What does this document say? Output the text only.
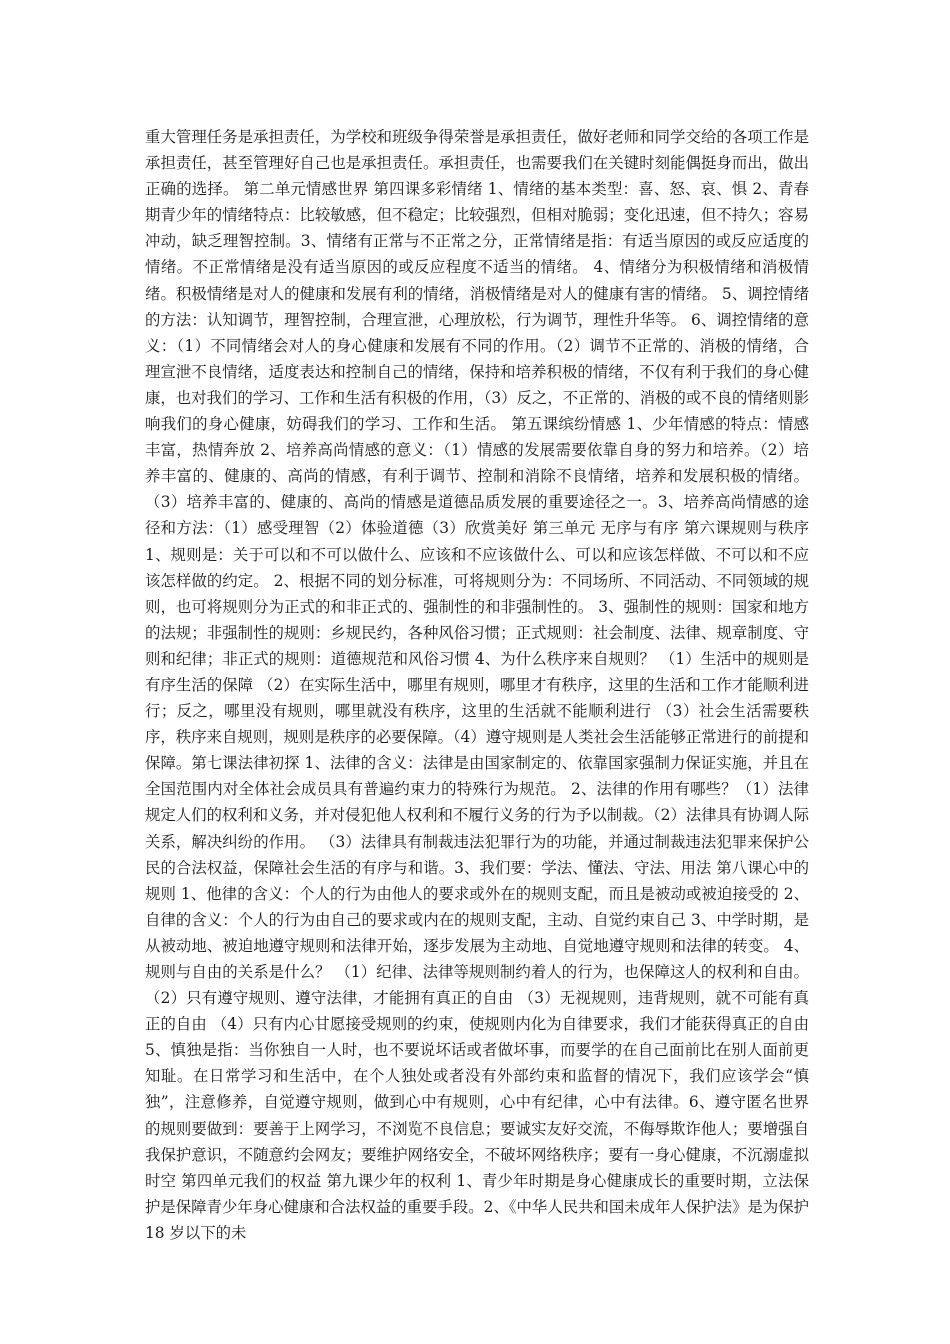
重大管理任务是承担责任，为学校和班级争得荣誉是承担责任，做好老师和同学交给的各项工作是承担责任，甚至管理好自己也是承担责任。承担责任，也需要我们在关键时刻能偶挺身而出，做出正确的选择。 第二单元情感世界 第四课多彩情绪 1、情绪的基本类型：喜、怒、哀、惧 2、青春期青少年的情绪特点：比较敏感，但不稳定；比较强烈，但相对脆弱；变化迅速，但不持久；容易冲动，缺乏理智控制。3、情绪有正常与不正常之分，正常情绪是指：有适当原因的或反应适度的情绪。不正常情绪是没有适当原因的或反应程度不适当的情绪。 4、情绪分为积极情绪和消极情绪。积极情绪是对人的健康和发展有利的情绪，消极情绪是对人的健康有害的情绪。 5、调控情绪的方法：认知调节，理智控制，合理宣泄，心理放松，行为调节，理性升华等。 6、调控情绪的意义：（1）不同情绪会对人的身心健康和发展有不同的作用。（2）调节不正常的、消极的情绪，合理宣泄不良情绪，适度表达和控制自己的情绪，保持和培养积极的情绪，不仅有利于我们的身心健康，也对我们的学习、工作和生活有积极的作用，（3）反之，不正常的、消极的或不良的情绪则影响我们的身心健康，妨碍我们的学习、工作和生活。 第五课缤纷情感 1、少年情感的特点：情感丰富，热情奔放 2、培养高尚情感的意义：（1）情感的发展需要依靠自身的努力和培养。（2）培养丰富的、健康的、高尚的情感，有利于调节、控制和消除不良情绪，培养和发展积极的情绪。（3）培养丰富的、健康的、高尚的情感是道德品质发展的重要途径之一。3、培养高尚情感的途径和方法：（1）感受理智（2）体验道德（3）欣赏美好 第三单元 无序与有序 第六课规则与秩序 1、规则是：关于可以和不可以做什么、应该和不应该做什么、可以和应该怎样做、不可以和不应该怎样做的约定。 2、根据不同的划分标准，可将规则分为：不同场所、不同活动、不同领域的规则，也可将规则分为正式的和非正式的、强制性的和非强制性的。 3、强制性的规则：国家和地方的法规；非强制性的规则：乡规民约，各种风俗习惯；正式规则：社会制度、法律、规章制度、守则和纪律；非正式的规则：道德规范和风俗习惯 4、为什么秩序来自规则？ （1）生活中的规则是有序生活的保障 （2）在实际生活中，哪里有规则，哪里才有秩序，这里的生活和工作才能顺利进行；反之，哪里没有规则，哪里就没有秩序，这里的生活就不能顺利进行 （3）社会生活需要秩序，秩序来自规则，规则是秩序的必要保障。（4）遵守规则是人类社会生活能够正常进行的前提和保障。第七课法律初探 1、法律的含义：法律是由国家制定的、依靠国家强制力保证实施，并且在全国范围内对全体社会成员具有普遍约束力的特殊行为规范。 2、法律的作用有哪些？（1）法律规定人们的权利和义务，并对侵犯他人权利和不履行义务的行为予以制裁。（2）法律具有协调人际关系，解决纠纷的作用。 （3）法律具有制裁违法犯罪行为的功能，并通过制裁违法犯罪来保护公民的合法权益，保障社会生活的有序与和谐。3、我们要：学法、懂法、守法、用法 第八课心中的规则 1、他律的含义：个人的行为由他人的要求或外在的规则支配，而且是被动或被迫接受的 2、自律的含义：个人的行为由自己的要求或内在的规则支配，主动、自觉约束自己 3、中学时期，是从被动地、被迫地遵守规则和法律开始，逐步发展为主动地、自觉地遵守规则和法律的转变。 4、规则与自由的关系是什么？ （1）纪律、法律等规则制约着人的行为，也保障这人的权利和自由。（2）只有遵守规则、遵守法律，才能拥有真正的自由 （3）无视规则，违背规则，就不可能有真正的自由 （4）只有内心甘愿接受规则的约束，使规则内化为自律要求，我们才能获得真正的自由 5、慎独是指：当你独自一人时，也不要说坏话或者做坏事，而要学的在自己面前比在别人面前更知耻。在日常学习和生活中，在个人独处或者没有外部约束和监督的情况下，我们应该学会“慎独”，注意修养，自觉遵守规则，做到心中有规则，心中有纪律，心中有法律。6、遵守匿名世界的规则要做到：要善于上网学习，不浏览不良信息；要诚实友好交流，不侮辱欺诈他人；要增强自我保护意识，不随意约会网友；要维护网络安全，不破坏网络秩序；要有一身心健康，不沉溺虚拟时空 第四单元我们的权益 第九课少年的权利 1、青少年时期是身心健康成长的重要时期，立法保护是保障青少年身心健康和合法权益的重要手段。2、《中华人民共和国未成年人保护法》是为保护 18 岁以下的未
